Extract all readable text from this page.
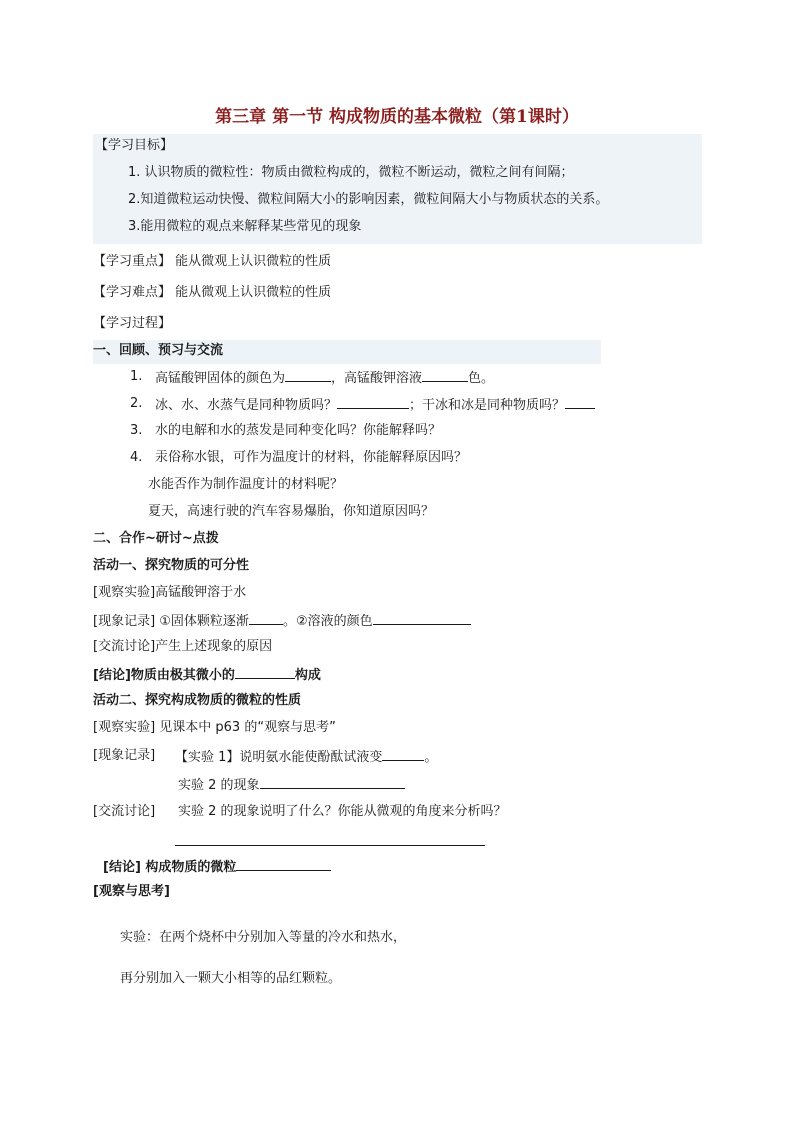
第三章 第一节 构成物质的基本微粒（第1课时）
【学习目标】
1. 认识物质的微粒性：物质由微粒构成的，微粒不断运动，微粒之间有间隔；
2.知道微粒运动快慢、微粒间隔大小的影响因素，微粒间隔大小与物质状态的关系。
3.能用微粒的观点来解释某些常见的现象
【学习重点】 能从微观上认识微粒的性质
【学习难点】 能从微观上认识微粒的性质
【学习过程】
一、回顾、预习与交流
1. 高锰酸钾固体的颜色为	，高锰酸钾溶液	色。
2. 冰、水、水蒸气是同种物质吗？	；干冰和冰是同种物质吗？
3. 水的电解和水的蒸发是同种变化吗？你能解释吗？
4. 汞俗称水银，可作为温度计的材料，你能解释原因吗？
水能否作为制作温度计的材料呢？
夏天，高速行驶的汽车容易爆胎，你知道原因吗？
二、合作~研讨~点拨
活动一、探究物质的可分性
[观察实验]高锰酸钾溶于水
[现象记录] ①固体颗粒逐渐	。②溶液的颜色
[交流讨论]产生上述现象的原因
[结论]物质由极其微小的	构成
活动二、探究构成物质的微粒的性质
[观察实验] 见课本中 p63 的“观察与思考”
[现象记录] 【实验 1】说明氨水能使酚酞试液变	。
实验 2 的现象
[交流讨论] 实验 2 的现象说明了什么？你能从微观的角度来分析吗？
[结论] 构成物质的微粒
[观察与思考]
实验：在两个烧杯中分别加入等量的冷水和热水，
再分别加入一颗大小相等的品红颗粒。
